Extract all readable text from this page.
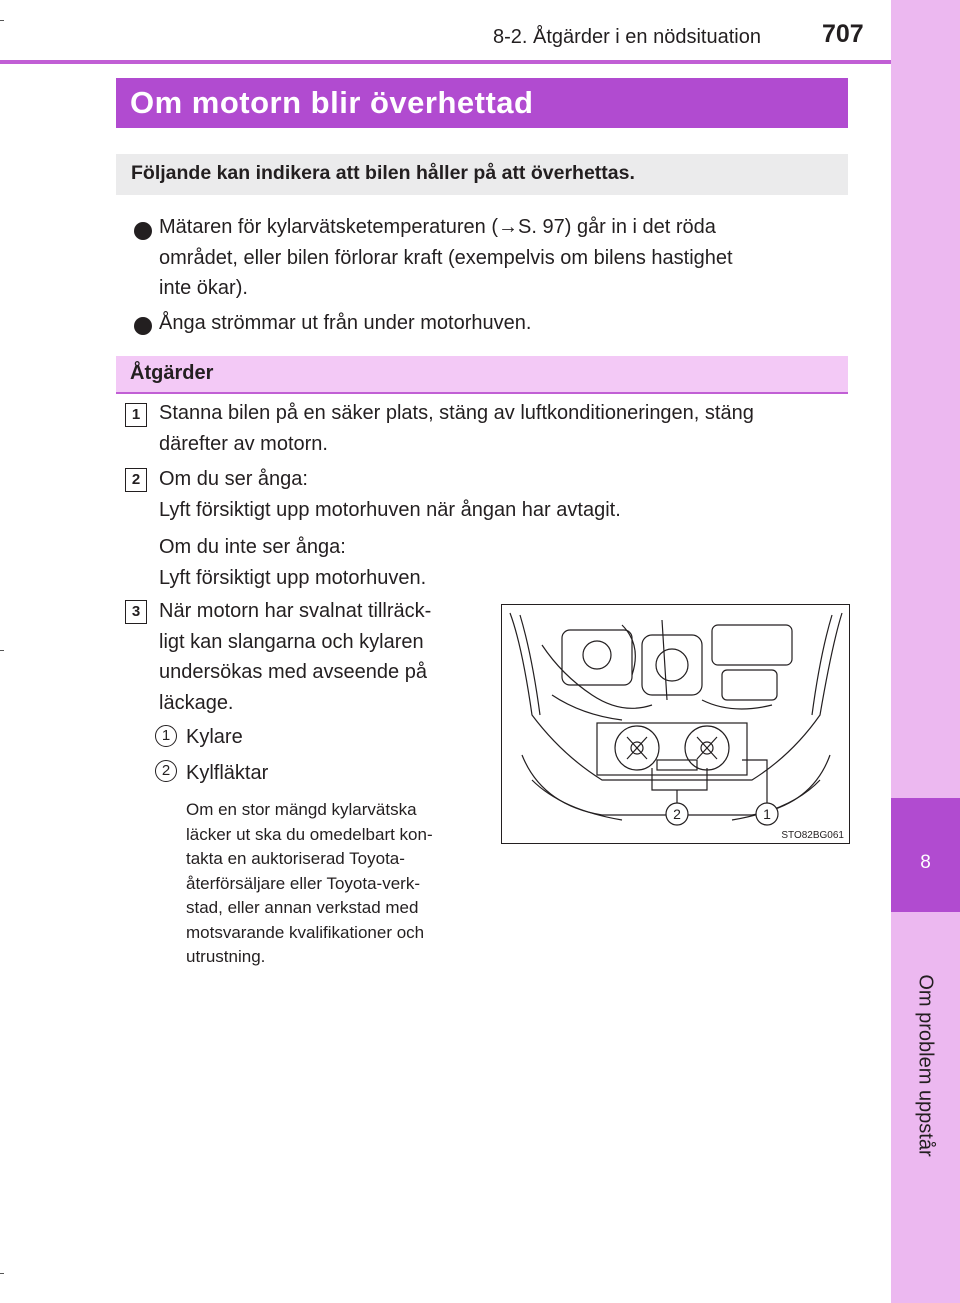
8
Om problem uppstår
8-2. Åtgärder i en nödsituation 707
Om motorn blir överhettad
Följande kan indikera att bilen håller på att överhettas.
Mätaren för kylarvätsketemperaturen (→S. 97) går in i det röda
området, eller bilen förlorar kraft (exempelvis om bilens hastighet
inte ökar).
Ånga strömmar ut från under motorhuven.
Åtgärder
1 Stanna bilen på en säker plats, stäng av luftkonditioneringen, stäng
därefter av motorn.
2 Om du ser ånga:
Lyft försiktigt upp motorhuven när ångan har avtagit.
Om du inte ser ånga:
Lyft försiktigt upp motorhuven.
3 När motorn har svalnat tillräck-
ligt kan slangarna och kylaren
undersökas med avseende på
läckage.
1 Kylare
2 Kylfläktar
Om en stor mängd kylarvätska
läcker ut ska du omedelbart kon-
takta en auktoriserad Toyota-
återförsäljare eller Toyota-verk-
stad, eller annan verkstad med
motsvarande kvalifikationer och
utrustning.
2	1
STO82BG061
